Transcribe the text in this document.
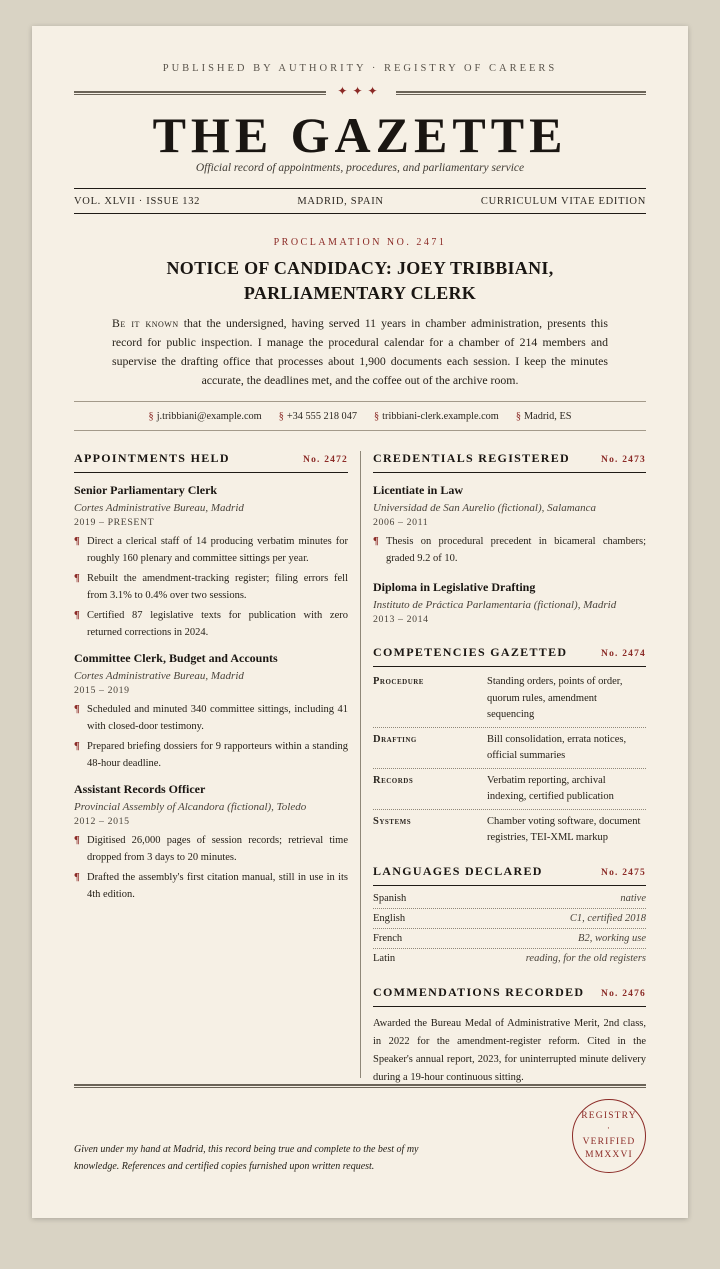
PUBLISHED BY AUTHORITY · REGISTRY OF CAREERS
✦✦✦
THE GAZETTE
Official record of appointments, procedures, and parliamentary service
VOL. XLVII · ISSUE 132	MADRID, SPAIN	CURRICULUM VITAE EDITION
PROCLAMATION NO. 2471
NOTICE OF CANDIDACY: JOEY TRIBBIANI,
PARLIAMENTARY CLERK

Be it known that the undersigned, having served 11 years in chamber administration, presents this record for public inspection. I manage the procedural calendar for a chamber of 214 members and supervise the drafting office that processes about 1,900 documents each session. I keep the minutes accurate, the deadlines met, and the coffee out of the archive room.

§ j.tribbiani@example.com § +34 555 218 047 § tribbiani-clerk.example.com § Madrid, ES
APPOINTMENTS HELD	No. 2472
Senior Parliamentary Clerk
Cortes Administrative Bureau, Madrid
2019 – PRESENT
¶ Direct a clerical staff of 14 producing verbatim minutes for roughly 160 plenary and committee sittings per year.
¶ Rebuilt the amendment-tracking register; filing errors fell from 3.1% to 0.4% over two sessions.
¶ Certified 87 legislative texts for publication with zero returned corrections in 2024.
Committee Clerk, Budget and Accounts
Cortes Administrative Bureau, Madrid
2015 – 2019
¶ Scheduled and minuted 340 committee sittings, including 41 with closed-door testimony.
¶ Prepared briefing dossiers for 9 rapporteurs within a standing 48-hour deadline.
Assistant Records Officer
Provincial Assembly of Alcandora (fictional), Toledo
2012 – 2015
¶ Digitised 26,000 pages of session records; retrieval time dropped from 3 days to 20 minutes.
¶ Drafted the assembly's first citation manual, still in use in its 4th edition.
CREDENTIALS REGISTERED	No. 2473
Licentiate in Law
Universidad de San Aurelio (fictional), Salamanca
2006 – 2011
¶ Thesis on procedural precedent in bicameral chambers; graded 9.2 of 10.
Diploma in Legislative Drafting
Instituto de Práctica Parlamentaria (fictional), Madrid
2013 – 2014
COMPETENCIES GAZETTED	No. 2474
Procedure	Standing orders, points of order, quorum rules, amendment sequencing
Drafting	Bill consolidation, errata notices, official summaries
Records	Verbatim reporting, archival indexing, certified publication
Systems	Chamber voting software, document registries, TEI-XML markup
LANGUAGES DECLARED	No. 2475
Spanish	native
English	C1, certified 2018
French	B2, working use
Latin	reading, for the old registers
COMMENDATIONS RECORDED No. 2476

Awarded the Bureau Medal of Administrative Merit, 2nd class, in 2022 for the amendment-register reform. Cited in the Speaker's annual report, 2023, for uninterrupted minute delivery during a 19-hour continuous sitting.

Given under my hand at Madrid, this record being true and complete to the best of my knowledge. References and certified copies furnished upon written request.

REGISTRY
·
VERIFIED
MMXXVI
